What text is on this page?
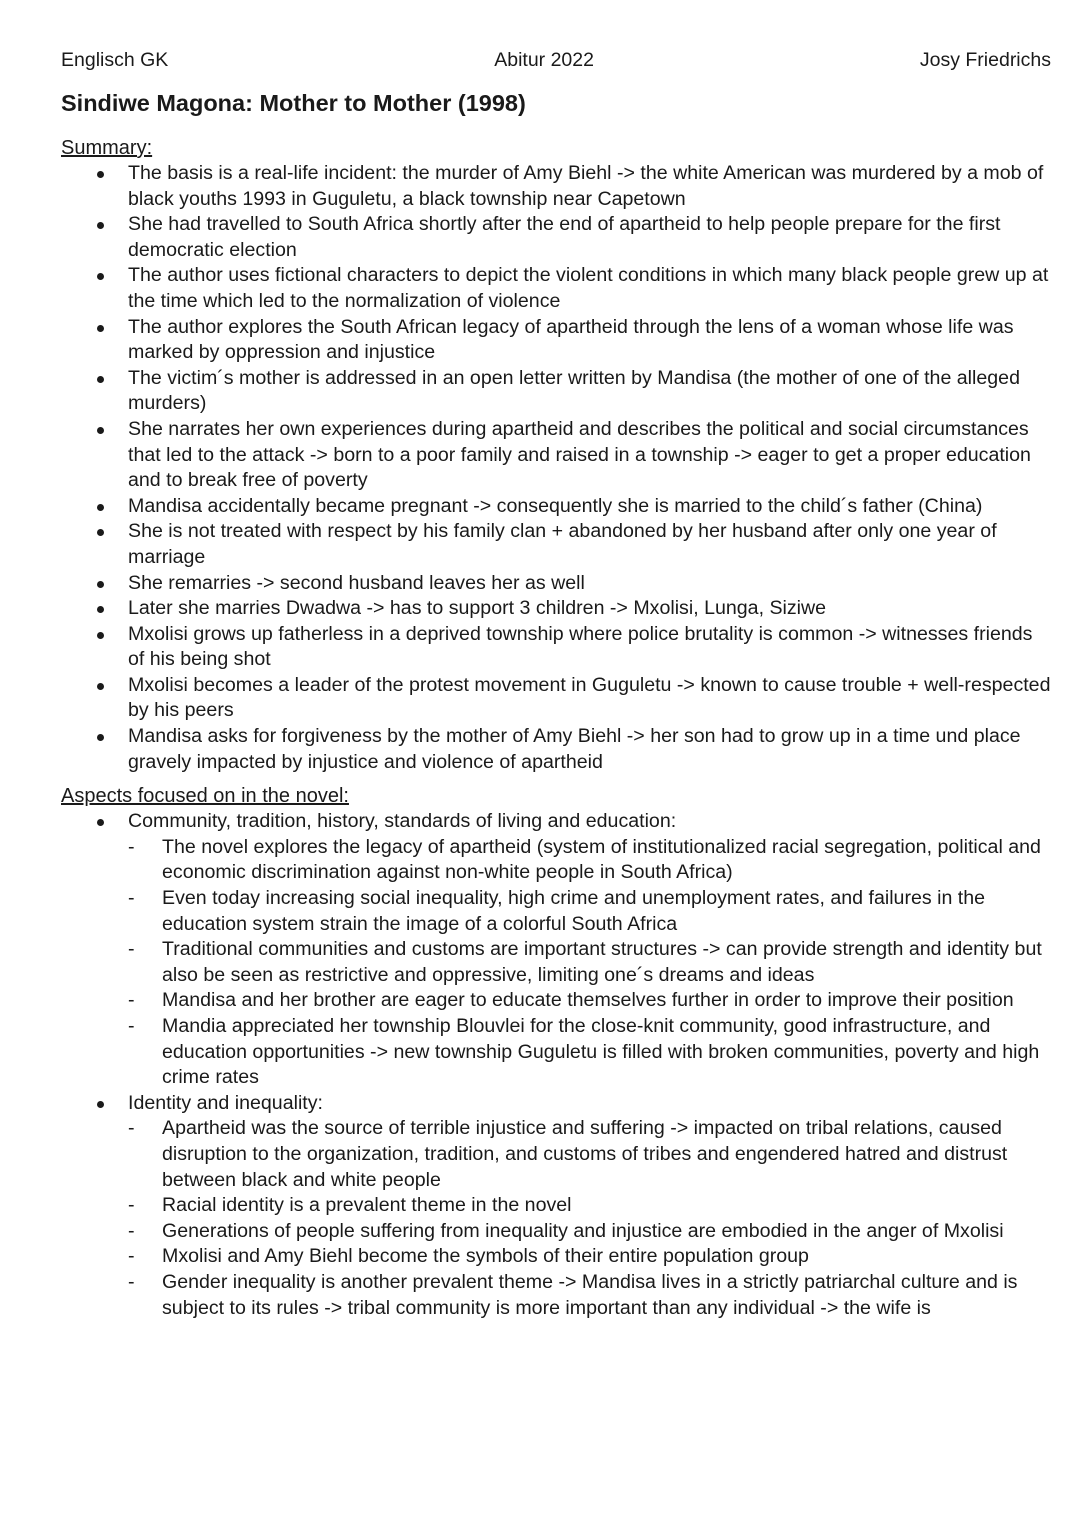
Englisch GK	Abitur 2022	Josy Friedrichs
Sindiwe Magona: Mother to Mother (1998)
Summary:
The basis is a real-life incident: the murder of Amy Biehl -> the white American was murdered by a mob of black youths 1993 in Guguletu, a black township near Capetown
She had travelled to South Africa shortly after the end of apartheid to help people prepare for the first democratic election
The author uses fictional characters to depict the violent conditions in which many black people grew up at the time which led to the normalization of violence
The author explores the South African legacy of apartheid through the lens of a woman whose life was marked by oppression and injustice
The victim´s mother is addressed in an open letter written by Mandisa (the mother of one of the alleged murders)
She narrates her own experiences during apartheid and describes the political and social circumstances that led to the attack -> born to a poor family and raised in a township -> eager to get a proper education and to break free of poverty
Mandisa accidentally became pregnant -> consequently she is married to the child´s father (China)
She is not treated with respect by his family clan + abandoned by her husband after only one year of marriage
She remarries -> second husband leaves her as well
Later she marries Dwadwa -> has to support 3 children -> Mxolisi, Lunga, Siziwe
Mxolisi grows up fatherless in a deprived township where police brutality is common -> witnesses friends of his being shot
Mxolisi becomes a leader of the protest movement in Guguletu -> known to cause trouble + well-respected by his peers
Mandisa asks for forgiveness by the mother of Amy Biehl -> her son had to grow up in a time und place gravely impacted by injustice and violence of apartheid
Aspects focused on in the novel:
Community, tradition, history, standards of living and education:
- The novel explores the legacy of apartheid (system of institutionalized racial segregation, political and economic discrimination against non-white people in South Africa)
- Even today increasing social inequality, high crime and unemployment rates, and failures in the education system strain the image of a colorful South Africa
- Traditional communities and customs are important structures -> can provide strength and identity but also be seen as restrictive and oppressive, limiting one´s dreams and ideas
- Mandisa and her brother are eager to educate themselves further in order to improve their position
- Mandia appreciated her township Blouvlei for the close-knit community, good infrastructure, and education opportunities -> new township Guguletu is filled with broken communities, poverty and high crime rates
Identity and inequality:
- Apartheid was the source of terrible injustice and suffering -> impacted on tribal relations, caused disruption to the organization, tradition, and customs of tribes and engendered hatred and distrust between black and white people
- Racial identity is a prevalent theme in the novel
- Generations of people suffering from inequality and injustice are embodied in the anger of Mxolisi
- Mxolisi and Amy Biehl become the symbols of their entire population group
- Gender inequality is another prevalent theme -> Mandisa lives in a strictly patriarchal culture and is subject to its rules -> tribal community is more important than any individual -> the wife is
